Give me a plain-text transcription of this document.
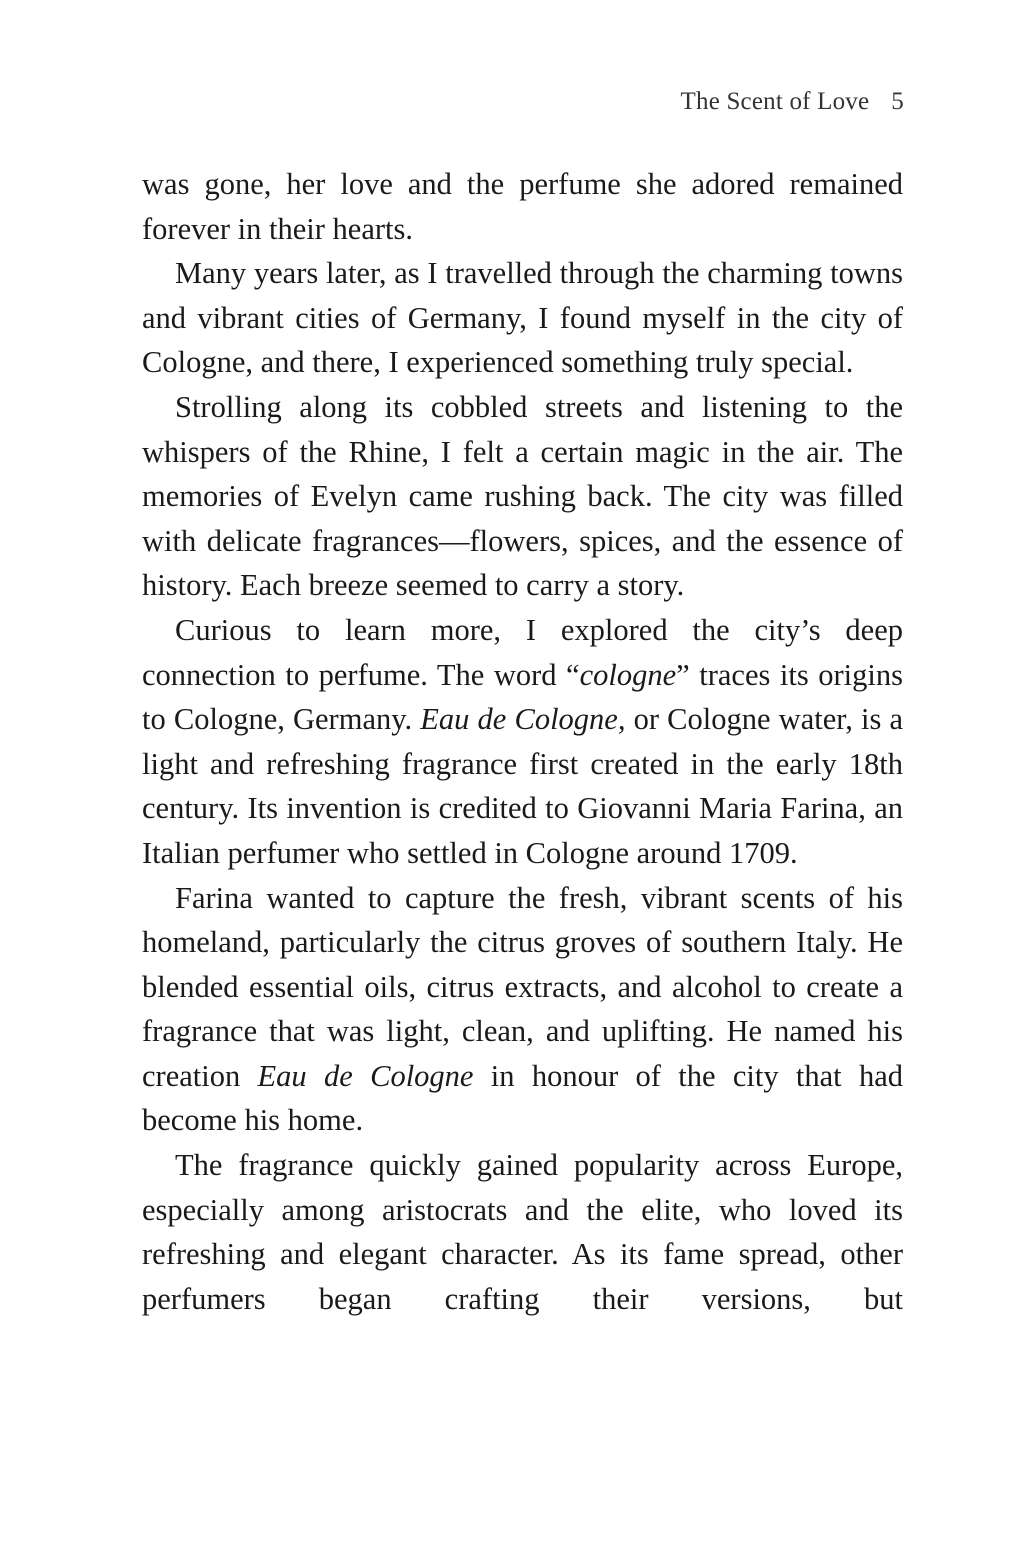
The Scent of Love 5

was gone, her love and the perfume she adored remained forever in their hearts.

Many years later, as I travelled through the charming towns and vibrant cities of Germany, I found myself in the city of Cologne, and there, I experienced something truly special.

Strolling along its cobbled streets and listening to the whispers of the Rhine, I felt a certain magic in the air. The memories of Evelyn came rushing back. The city was filled with delicate fragrances—flowers, spices, and the essence of history. Each breeze seemed to carry a story.

Curious to learn more, I explored the city’s deep connection to perfume. The word “cologne” traces its origins to Cologne, Germany. Eau de Cologne, or Cologne water, is a light and refreshing fragrance first created in the early 18th century. Its invention is credited to Giovanni Maria Farina, an Italian perfumer who settled in Cologne around 1709.

Farina wanted to capture the fresh, vibrant scents of his homeland, particularly the citrus groves of southern Italy. He blended essential oils, citrus extracts, and alcohol to create a fragrance that was light, clean, and uplifting. He named his creation Eau de Cologne in honour of the city that had become his home.

The fragrance quickly gained popularity across Europe, especially among aristocrats and the elite, who loved its refreshing and elegant character. As its fame spread, other perfumers began crafting their versions, but
